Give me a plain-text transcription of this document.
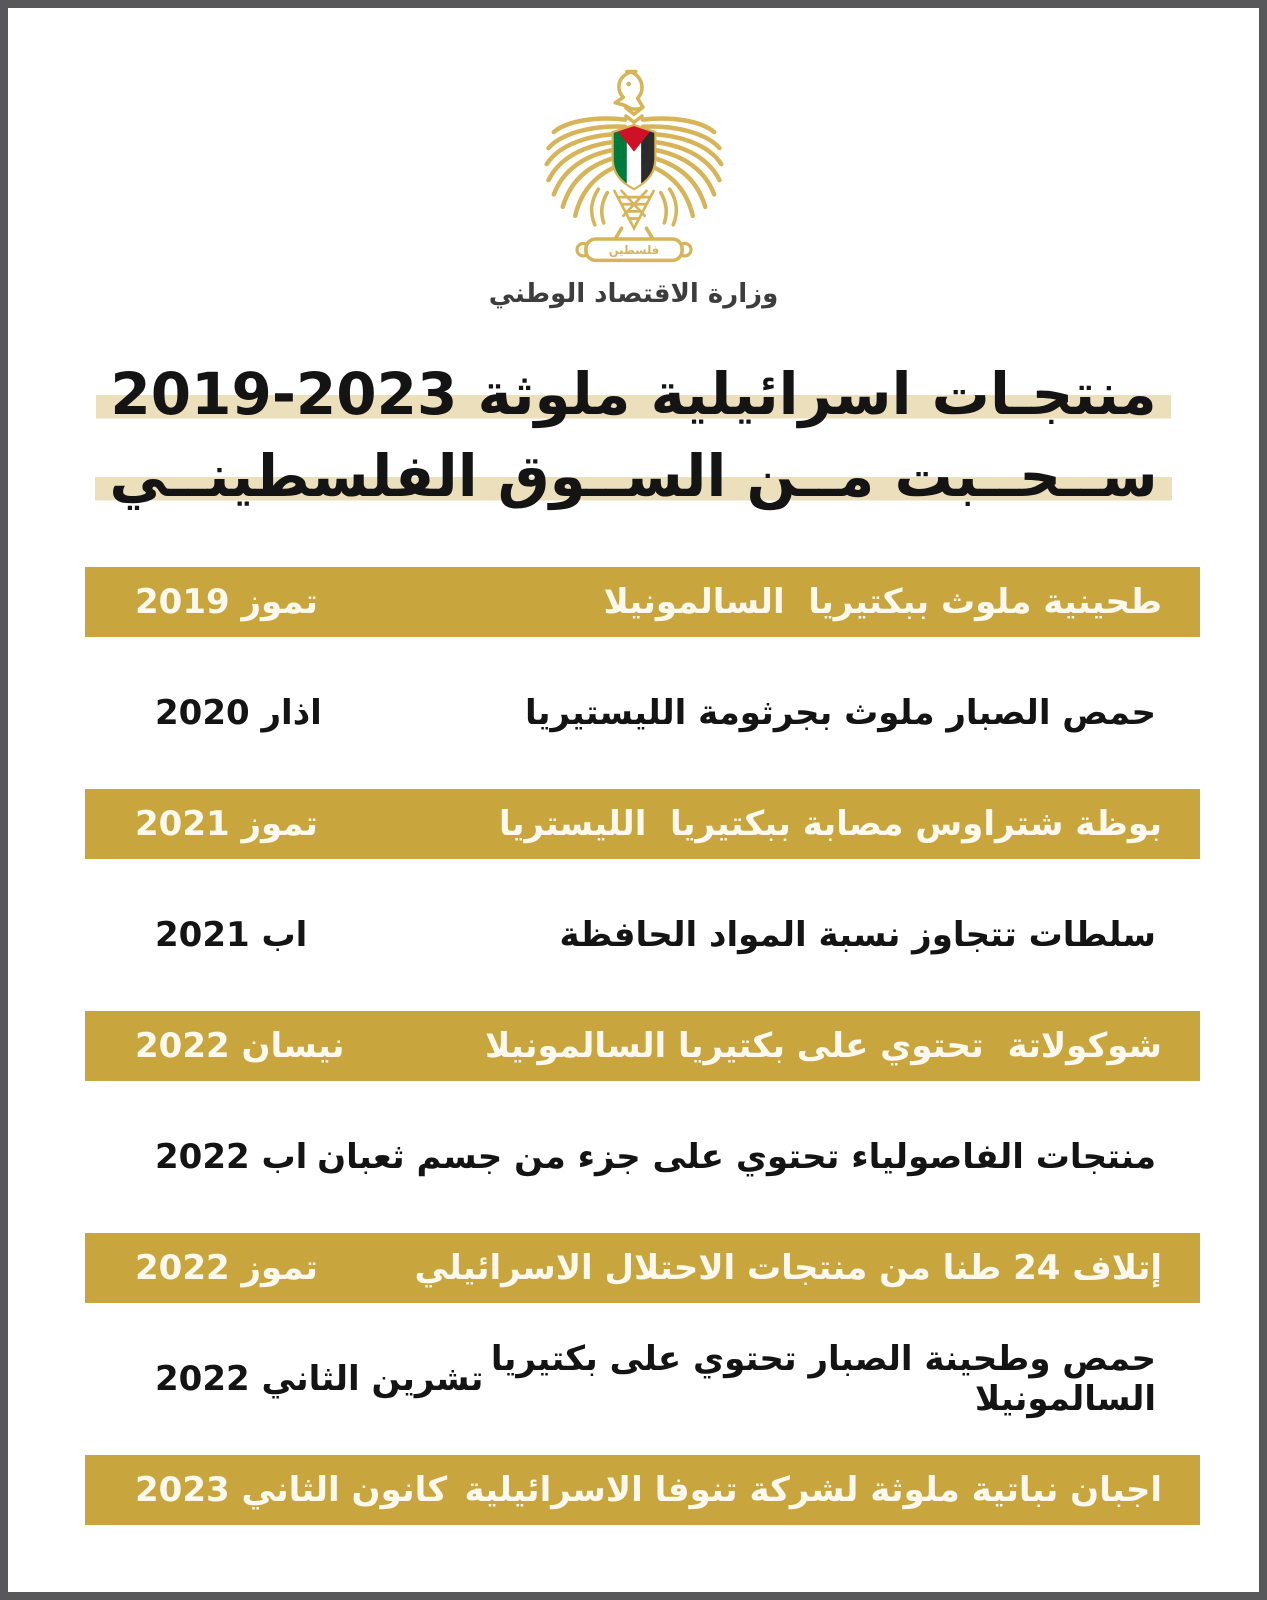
فلسطين
وزارة الاقتصاد الوطني
منتجـات اسرائيلية ملوثة 2023-2019
ســحــبت مــن الســوق الفلسطينــي
طحينية ملوث ببكتيريا  السالمونيلا
تموز 2019
حمص الصبار ملوث بجرثومة الليستيريا
اذار 2020
بوظة شتراوس مصابة ببكتيريا  الليستريا
تموز 2021
سلطات تتجاوز نسبة المواد الحافظة
اب 2021
شوكولاتة  تحتوي على بكتيريا السالمونيلا
نيسان 2022
منتجات الفاصولياء تحتوي على جزء من جسم ثعبان
اب 2022
إتلاف 24 طنا من منتجات الاحتلال الاسرائيلي
تموز 2022
حمص وطحينة الصبار تحتوي على بكتيريا السالمونيلا
تشرين الثاني 2022
اجبان نباتية ملوثة لشركة تنوفا الاسرائيلية
كانون الثاني 2023
